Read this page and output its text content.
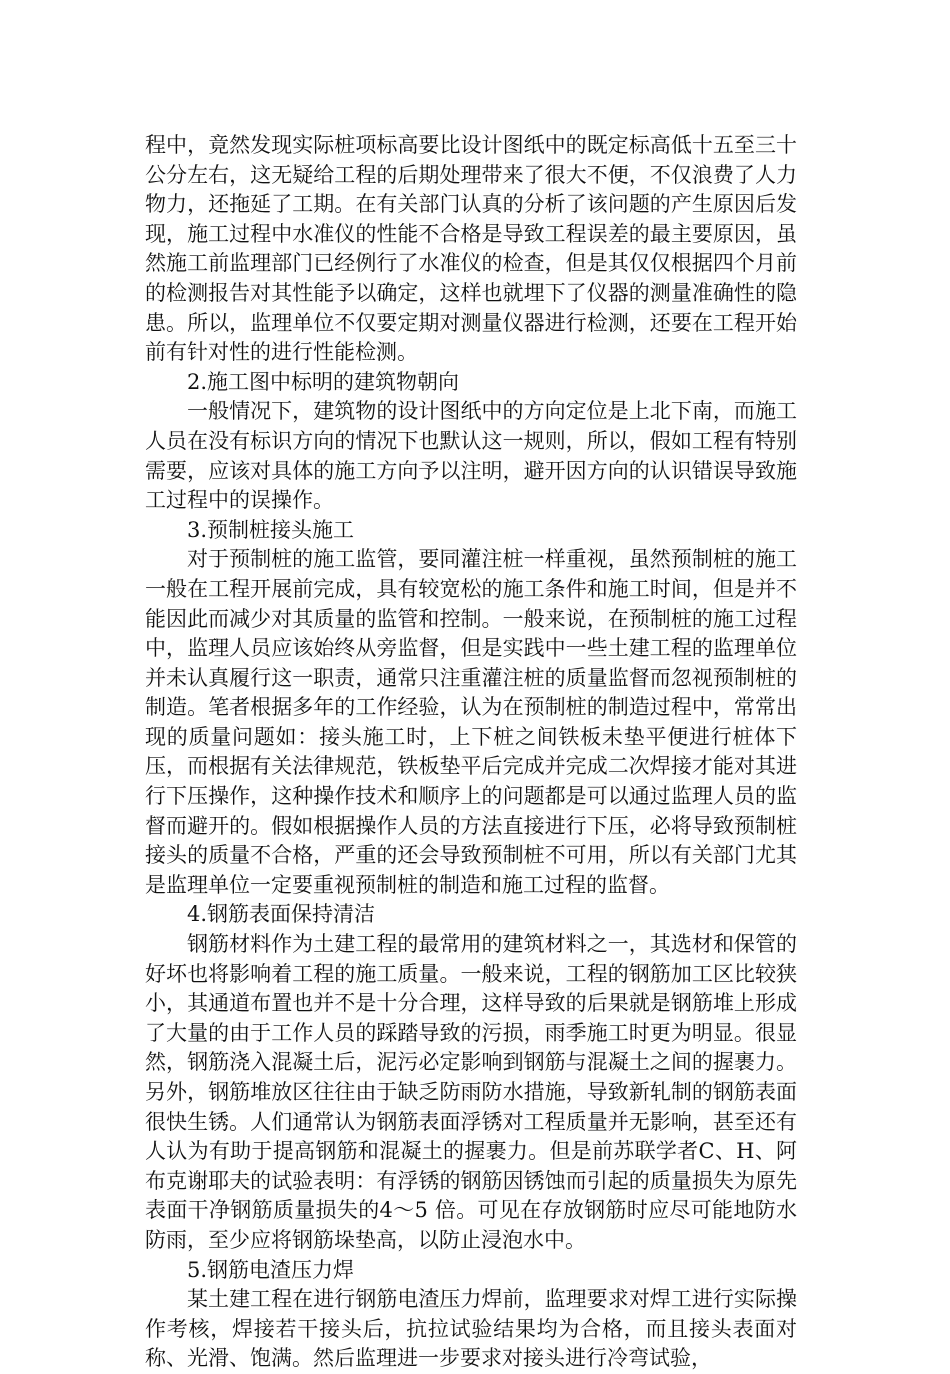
程中，竟然发现实际桩项标高要比设计图纸中的既定标高低十五至三十公分左右，这无疑给工程的后期处理带来了很大不便，不仅浪费了人力物力，还拖延了工期。在有关部门认真的分析了该问题的产生原因后发现，施工过程中水准仪的性能不合格是导致工程误差的最主要原因，虽然施工前监理部门已经例行了水准仪的检查，但是其仅仅根据四个月前的检测报告对其性能予以确定，这样也就埋下了仪器的测量准确性的隐患。所以，监理单位不仅要定期对测量仪器进行检测，还要在工程开始前有针对性的进行性能检测。

2.施工图中标明的建筑物朝向

一般情况下，建筑物的设计图纸中的方向定位是上北下南，而施工人员在没有标识方向的情况下也默认这一规则，所以，假如工程有特别需要，应该对具体的施工方向予以注明，避开因方向的认识错误导致施工过程中的误操作。

3.预制桩接头施工

对于预制桩的施工监管，要同灌注桩一样重视，虽然预制桩的施工一般在工程开展前完成，具有较宽松的施工条件和施工时间，但是并不能因此而减少对其质量的监管和控制。一般来说，在预制桩的施工过程中，监理人员应该始终从旁监督，但是实践中一些土建工程的监理单位并未认真履行这一职责，通常只注重灌注桩的质量监督而忽视预制桩的制造。笔者根据多年的工作经验，认为在预制桩的制造过程中，常常出现的质量问题如：接头施工时，上下桩之间铁板未垫平便进行桩体下压，而根据有关法律规范，铁板垫平后完成并完成二次焊接才能对其进行下压操作，这种操作技术和顺序上的问题都是可以通过监理人员的监督而避开的。假如根据操作人员的方法直接进行下压，必将导致预制桩接头的质量不合格，严重的还会导致预制桩不可用，所以有关部门尤其是监理单位一定要重视预制桩的制造和施工过程的监督。

4.钢筋表面保持清洁

钢筋材料作为土建工程的最常用的建筑材料之一，其选材和保管的好坏也将影响着工程的施工质量。一般来说，工程的钢筋加工区比较狭小，其通道布置也并不是十分合理，这样导致的后果就是钢筋堆上形成了大量的由于工作人员的踩踏导致的污损，雨季施工时更为明显。很显然，钢筋浇入混凝土后，泥污必定影响到钢筋与混凝土之间的握裹力。另外，钢筋堆放区往往由于缺乏防雨防水措施，导致新轧制的钢筋表面很快生锈。人们通常认为钢筋表面浮锈对工程质量并无影响，甚至还有人认为有助于提高钢筋和混凝土的握裹力。但是前苏联学者C、H、阿布克谢耶夫的试验表明：有浮锈的钢筋因锈蚀而引起的质量损失为原先表面干净钢筋质量损失的4～5 倍。可见在存放钢筋时应尽可能地防水防雨，至少应将钢筋垛垫高，以防止浸泡水中。

5.钢筋电渣压力焊

某土建工程在进行钢筋电渣压力焊前，监理要求对焊工进行实际操作考核，焊接若干接头后，抗拉试验结果均为合格，而且接头表面对称、光滑、饱满。然后监理进一步要求对接头进行冷弯试验，
